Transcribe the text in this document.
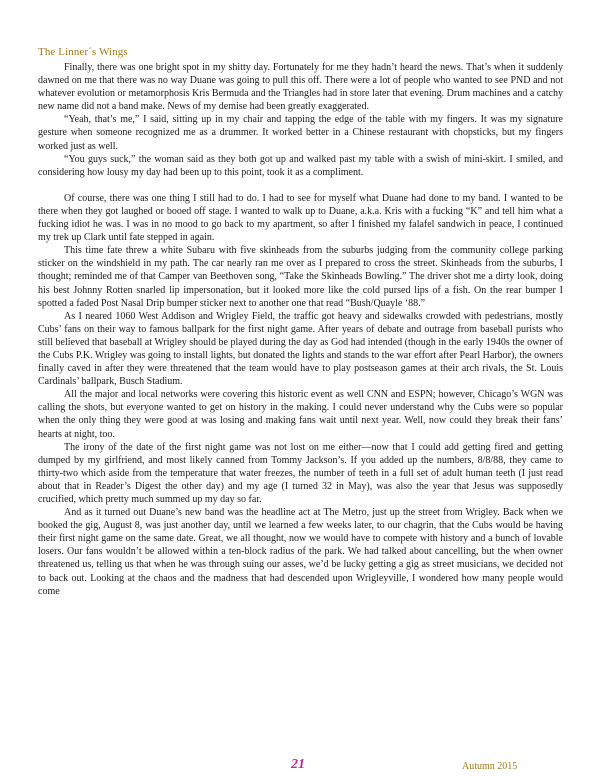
The Linner´s Wings

Finally, there was one bright spot in my shitty day. Fortunately for me they hadn’t heard the news. That’s when it suddenly dawned on me that there was no way Duane was going to pull this off. There were a lot of people who wanted to see PND and not whatever evolution or metamorphosis Kris Bermuda and the Triangles had in store later that evening. Drum machines and a catchy new name did not a band make. News of my demise had been greatly exaggerated.

“Yeah, that’s me,” I said, sitting up in my chair and tapping the edge of the table with my fingers. It was my signature gesture when someone recognized me as a drummer. It worked better in a Chinese restaurant with chopsticks, but my fingers worked just as well.

“You guys suck,” the woman said as they both got up and walked past my table with a swish of mini-skirt. I smiled, and considering how lousy my day had been up to this point, took it as a compliment.

Of course, there was one thing I still had to do. I had to see for myself what Duane had done to my band. I wanted to be there when they got laughed or booed off stage. I wanted to walk up to Duane, a.k.a. Kris with a fucking “K” and tell him what a fucking idiot he was. I was in no mood to go back to my apartment, so after I finished my falafel sandwich in peace, I continued my trek up Clark until fate stepped in again.

This time fate threw a white Subaru with five skinheads from the suburbs judging from the community college parking sticker on the windshield in my path. The car nearly ran me over as I prepared to cross the street. Skinheads from the suburbs, I thought; reminded me of that Camper van Beethoven song, “Take the Skinheads Bowling.” The driver shot me a dirty look, doing his best Johnny Rotten snarled lip impersonation, but it looked more like the cold pursed lips of a fish. On the rear bumper I spotted a faded Post Nasal Drip bumper sticker next to another one that read “Bush/Quayle ‘88.”

As I neared 1060 West Addison and Wrigley Field, the traffic got heavy and sidewalks crowded with pedestrians, mostly Cubs’ fans on their way to famous ballpark for the first night game. After years of debate and outrage from baseball purists who still believed that baseball at Wrigley should be played during the day as God had intended (though in the early 1940s the owner of the Cubs P.K. Wrigley was going to install lights, but donated the lights and stands to the war effort after Pearl Harbor), the owners finally caved in after they were threatened that the team would have to play postseason games at their arch rivals, the St. Louis Cardinals’ ballpark, Busch Stadium.

All the major and local networks were covering this historic event as well CNN and ESPN; however, Chicago’s WGN was calling the shots, but everyone wanted to get on history in the making. I could never understand why the Cubs were so popular when the only thing they were good at was losing and making fans wait until next year. Well, now could they break their fans’ hearts at night, too.

The irony of the date of the first night game was not lost on me either—now that I could add getting fired and getting dumped by my girlfriend, and most likely canned from Tommy Jackson’s. If you added up the numbers, 8/8/88, they came to thirty-two which aside from the temperature that water freezes, the number of teeth in a full set of adult human teeth (I just read about that in Reader’s Digest the other day) and my age (I turned 32 in May), was also the year that Jesus was supposedly crucified, which pretty much summed up my day so far.

And as it turned out Duane’s new band was the headline act at The Metro, just up the street from Wrigley. Back when we booked the gig, August 8, was just another day, until we learned a few weeks later, to our chagrin, that the Cubs would be having their first night game on the same date. Great, we all thought, now we would have to compete with history and a bunch of lovable losers. Our fans wouldn’t be allowed within a ten-block radius of the park. We had talked about cancelling, but the when owner threatened us, telling us that when he was through suing our asses, we’d be lucky getting a gig as street musicians, we decided not to back out. Looking at the chaos and the madness that had descended upon Wrigleyville, I wondered how many people would come

21	Autumn 2015
